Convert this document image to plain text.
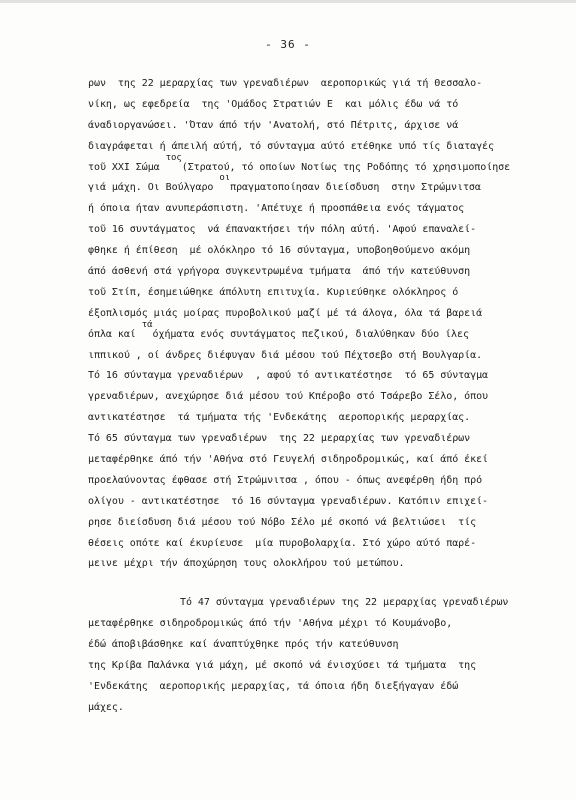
- 36 -
ρων  της 22 μεραρχίας των γρεναδιέρων  αεροπορικώς γιά τή Θεσσαλο-
νίκη, ως εφεδρεία  της 'Ομάδος Στρατιών Ε  και μόλις έδω νά τό
άναδιοργανώσει. 'Όταν άπό τήν 'Ανατολή, στό Πέτριτς, άρχισε νά
διαγράφεται ή άπειλή αύτή, τό σύνταγμα αύτό ετέθηκε υπό τίς διαταγές
τοῦ ΧΧΙ Σώμα τος(Στρατού, τό οποίων Νοτίως της Ροδόπης τό χρησιμοποίησε
γιά μάχη. Οι Βούλγαρο οιπραγματοποίησαν διείσδυση  στην Στρώμνιτσα
ή όποια ήταν ανυπεράσπιστη. 'Απέτυχε ή προσπάθεια ενός τάγματος
τοῦ 16 συντάγματος  νά έπανακτήσει τήν πόλη αύτή. 'Αφού επαναλεί-
φθηκε ή έπίθεση  μέ ολόκληρο τό 16 σύνταγμα, υποβοηθούμενο ακόμη
άπό άσθενή στά γρήγορα συγκεντρωμένα τμήματα  άπό τήν κατεύθυνση
τοῦ Στίπ, έσημειώθηκε άπόλυτη επιτυχία. Κυριεύθηκε ολόκληρος ό
έξοπλισμός μιάς μοίρας πυροβολικού μαζί μέ τά άλογα, όλα τά βαρειά
όπλα καί τάόχήματα ενός συντάγματος πεζικού, διαλύθηκαν δύο ίλες
ιππικού , οί άνδρες διέφυγαν διά μέσου τού Πέχτσεβο στή Βουλγαρία.
Τό 16 σύνταγμα γρεναδιέρων  , αφού τό αντικατέστησε  τό 65 σύνταγμα
γρεναδιέρων, ανεχώρησε διά μέσου τού Κπέροβο στό Τσάρεβο Σέλο, όπου
αντικατέστησε  τά τμήματα τής 'Ενδεκάτης  αεροπορικής μεραρχίας.
Τό 65 σύνταγμα των γρεναδιέρων  της 22 μεραρχίας των γρεναδιέρων
μεταφέρθηκε άπό τήν 'Αθήνα στό Γευγελή σιδηροδρομικώς, καί άπό έκεί
προελαύνοντας έφθασε στή Στρώμνιτσα , όπου - όπως ανεφέρθη ήδη πρό
ολίγου - αντικατέστησε  τό 16 σύνταγμα γρεναδιέρων. Κατόπιν επιχεί-
ρησε διείσδυση διά μέσου τού Νόβο Σέλο μέ σκοπό νά βελτιώσει  τίς
θέσεις οπότε καί έκυρίευσε  μία πυροβολαρχία. Στό χώρο αύτό παρέ-
μεινε μέχρι τήν άποχώρηση τους ολοκλήρου τού μετώπου.
Τό 47 σύνταγμα γρεναδιέρων της 22 μεραρχίας γρεναδιέρων
μεταφέρθηκε σιδηροδρομικώς άπό τήν 'Αθήνα μέχρι τό Κουμάνοβο,
έδώ άποβιβάσθηκε καί άναπτύχθηκε πρός τήν κατεύθυνση
της Κρίβα Παλάνκα γιά μάχη, μέ σκοπό νά ένισχύσει τά τμήματα  της
'Ενδεκάτης  αεροπορικής μεραρχίας, τά όποια ήδη διεξήγαγαν έδώ
μάχες.
